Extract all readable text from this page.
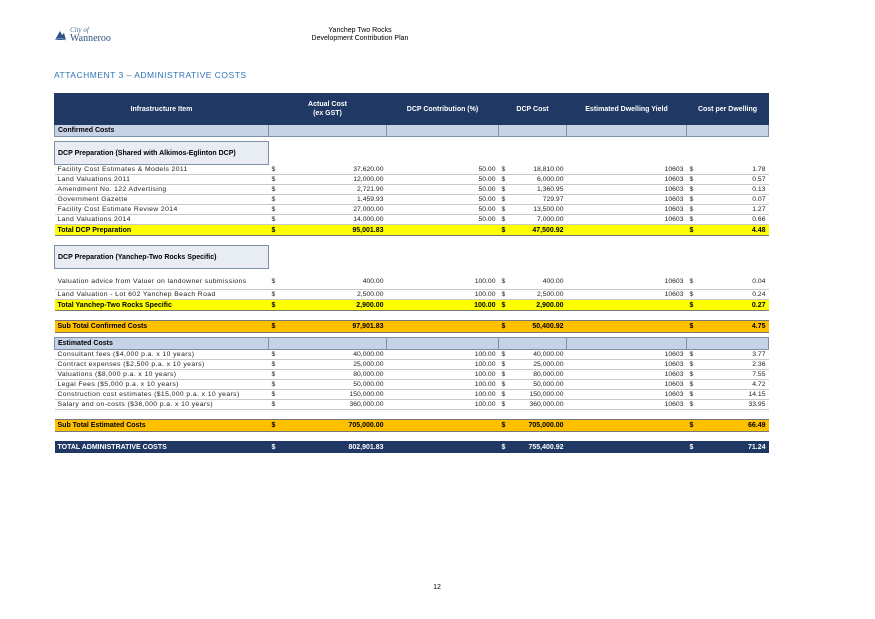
City of
Wanneroo
Yanchep Two Rocks
Development Contribution Plan
ATTACHMENT 3 – ADMINISTRATIVE COSTS
Infrastructure Item	Actual Cost
(ex GST)		DCP Contribution (%)	DCP Cost		Estimated Dwelling Yield	Cost per Dwelling	
Confirmed Costs								

DCP Preparation (Shared with Alkimos-Eglinton DCP)								
Facility Cost Estimates & Models 2011	$	37,620.00	50.00	$	18,810.00	10603	$	1.78
Land Valuations 2011	$	12,000.00	50.00	$	6,000.00	10603	$	0.57
Amendment No. 122 Advertising	$	2,721.90	50.00	$	1,360.95	10603	$	0.13
Government Gazette	$	1,459.93	50.00	$	729.97	10603	$	0.07
Facility Cost Estimate Review 2014	$	27,000.00	50.00	$	13,500.00	10603	$	1.27
Land Valuations 2014	$	14,000.00	50.00	$	7,000.00	10603	$	0.66
Total DCP Preparation	$	95,001.83		$	47,500.92		$	4.48

DCP Preparation (Yanchep-Two Rocks Specific)								

Valuation advice from Valuer on landowner submissions	$	400.00	100.00	$	400.00	10603	$	0.04
Land Valuation - Lot 602 Yanchep Beach Road	$	2,500.00	100.00	$	2,500.00	10603	$	0.24
Total Yanchep-Two Rocks Specific	$	2,900.00	100.00	$	2,900.00		$	0.27

Sub Total Confirmed Costs	$	97,901.83		$	50,400.92		$	4.75

Estimated Costs								
Consultant fees ($4,000 p.a. x 10 years)	$	40,000.00	100.00	$	40,000.00	10603	$	3.77
Contract expenses ($2,500 p.a. x 10 years)	$	25,000.00	100.00	$	25,000.00	10603	$	2.36
Valuations ($8,000 p.a. x 10 years)	$	80,000.00	100.00	$	80,000.00	10603	$	7.55
Legal Fees ($5,000 p.a. x 10 years)	$	50,000.00	100.00	$	50,000.00	10603	$	4.72
Construction cost estimates ($15,000 p.a. x 10 years)	$	150,000.00	100.00	$	150,000.00	10603	$	14.15
Salary and on-costs ($36,000 p.a. x 10 years)	$	360,000.00	100.00	$	360,000.00	10603	$	33.95

Sub Total Estimated Costs	$	705,000.00		$	705,000.00		$	66.49

TOTAL ADMINISTRATIVE COSTS	$	802,901.83		$	755,400.92		$	71.24
12
